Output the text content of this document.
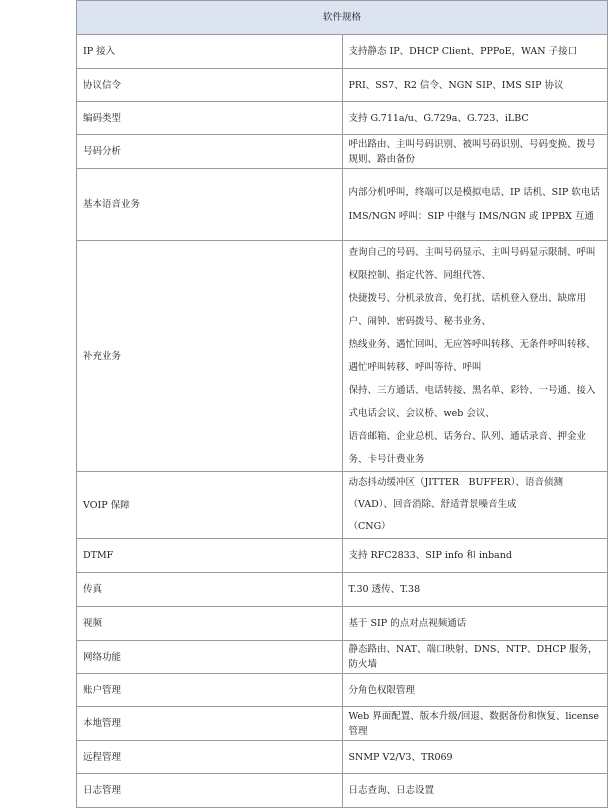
软件规格	
IP 接入	支持静态 IP、DHCP Client、PPPoE，WAN 子接口

协议信令	PRI、SS7、R2 信令、NGN SIP、IMS SIP 协议

编码类型	支持 G.711a/u、G.729a、G.723、iLBC

号码分析	呼出路由、主叫号码识别、被叫号码识别、号码变换、拨号规则、路由备份

基本语音业务	内部分机呼叫，终端可以是模拟电话、IP 话机、SIP 软电话
IMS/NGN 呼叫：SIP 中继与 IMS/NGN 或 IPPBX 互通

补充业务	查询自己的号码、主叫号码显示、主叫号码显示限制、呼叫权限控制、指定代答、同组代答、
快捷拨号、分机录放音、免打扰、话机登入登出、缺席用户、闹钟、密码拨号、秘书业务、
热线业务、遇忙回叫、无应答呼叫转移、无条件呼叫转移、遇忙呼叫转移、呼叫等待、呼叫
保持、三方通话、电话转接、黑名单、彩铃、一号通、接入式电话会议、会议桥、web 会议、
语音邮箱、企业总机、话务台、队列、通话录音、押金业务、卡号计费业务

VOIP 保障	动态抖动缓冲区（JITTER　BUFFER）、语音侦测（VAD）、回音消除、舒适背景噪音生成
（CNG）

DTMF	支持 RFC2833、SIP info 和 inband

传真	T.30 透传、T.38

视频	基于 SIP 的点对点视频通话

网络功能	静态路由、NAT、端口映射、DNS、NTP、DHCP 服务，防火墙

账户管理	分角色权限管理

本地管理	Web 界面配置、版本升级/回退、数据备份和恢复、license 管理

远程管理	SNMP V2/V3、TR069

日志管理	日志查询、日志设置
